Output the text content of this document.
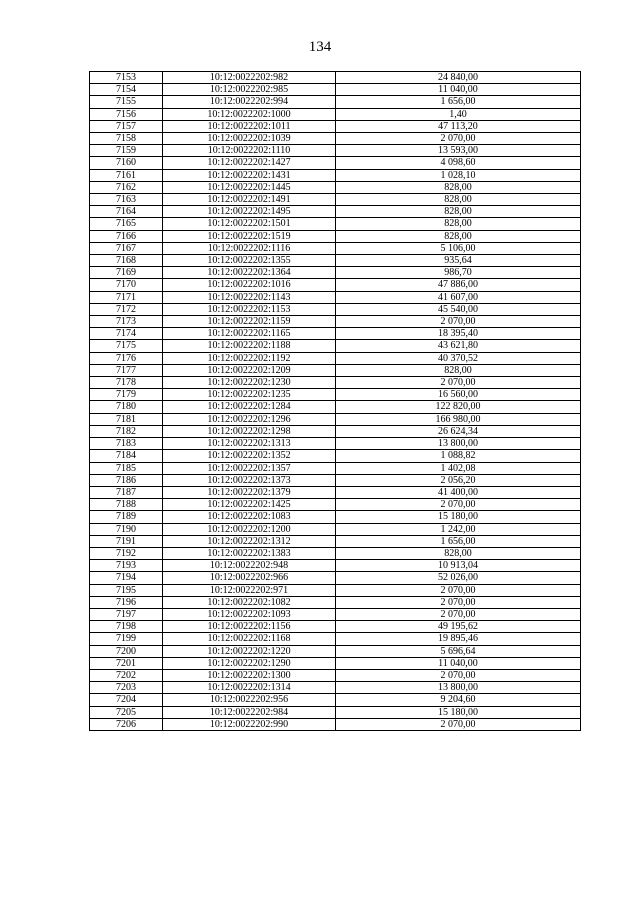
134
7153	10:12:0022202:982	24 840,00
7154	10:12:0022202:985	11 040,00
7155	10:12:0022202:994	1 656,00
7156	10:12:0022202:1000	1,40
7157	10:12:0022202:1011	47 113,20
7158	10:12:0022202:1039	2 070,00
7159	10:12:0022202:1110	13 593,00
7160	10:12:0022202:1427	4 098,60
7161	10:12:0022202:1431	1 028,10
7162	10:12:0022202:1445	828,00
7163	10:12:0022202:1491	828,00
7164	10:12:0022202:1495	828,00
7165	10:12:0022202:1501	828,00
7166	10:12:0022202:1519	828,00
7167	10:12:0022202:1116	5 106,00
7168	10:12:0022202:1355	935,64
7169	10:12:0022202:1364	986,70
7170	10:12:0022202:1016	47 886,00
7171	10:12:0022202:1143	41 607,00
7172	10:12:0022202:1153	45 540,00
7173	10:12:0022202:1159	2 070,00
7174	10:12:0022202:1165	18 395,40
7175	10:12:0022202:1188	43 621,80
7176	10:12:0022202:1192	40 370,52
7177	10:12:0022202:1209	828,00
7178	10:12:0022202:1230	2 070,00
7179	10:12:0022202:1235	16 560,00
7180	10:12:0022202:1284	122 820,00
7181	10:12:0022202:1296	166 980,00
7182	10:12:0022202:1298	26 624,34
7183	10:12:0022202:1313	13 800,00
7184	10:12:0022202:1352	1 088,82
7185	10:12:0022202:1357	1 402,08
7186	10:12:0022202:1373	2 056,20
7187	10:12:0022202:1379	41 400,00
7188	10:12:0022202:1425	2 070,00
7189	10:12:0022202:1083	15 180,00
7190	10:12:0022202:1200	1 242,00
7191	10:12:0022202:1312	1 656,00
7192	10:12:0022202:1383	828,00
7193	10:12:0022202:948	10 913,04
7194	10:12:0022202:966	52 026,00
7195	10:12:0022202:971	2 070,00
7196	10:12:0022202:1082	2 070,00
7197	10:12:0022202:1093	2 070,00
7198	10:12:0022202:1156	49 195,62
7199	10:12:0022202:1168	19 895,46
7200	10:12:0022202:1220	5 696,64
7201	10:12:0022202:1290	11 040,00
7202	10:12:0022202:1300	2 070,00
7203	10:12:0022202:1314	13 800,00
7204	10:12:0022202:956	9 204,60
7205	10:12:0022202:984	15 180,00
7206	10:12:0022202:990	2 070,00
